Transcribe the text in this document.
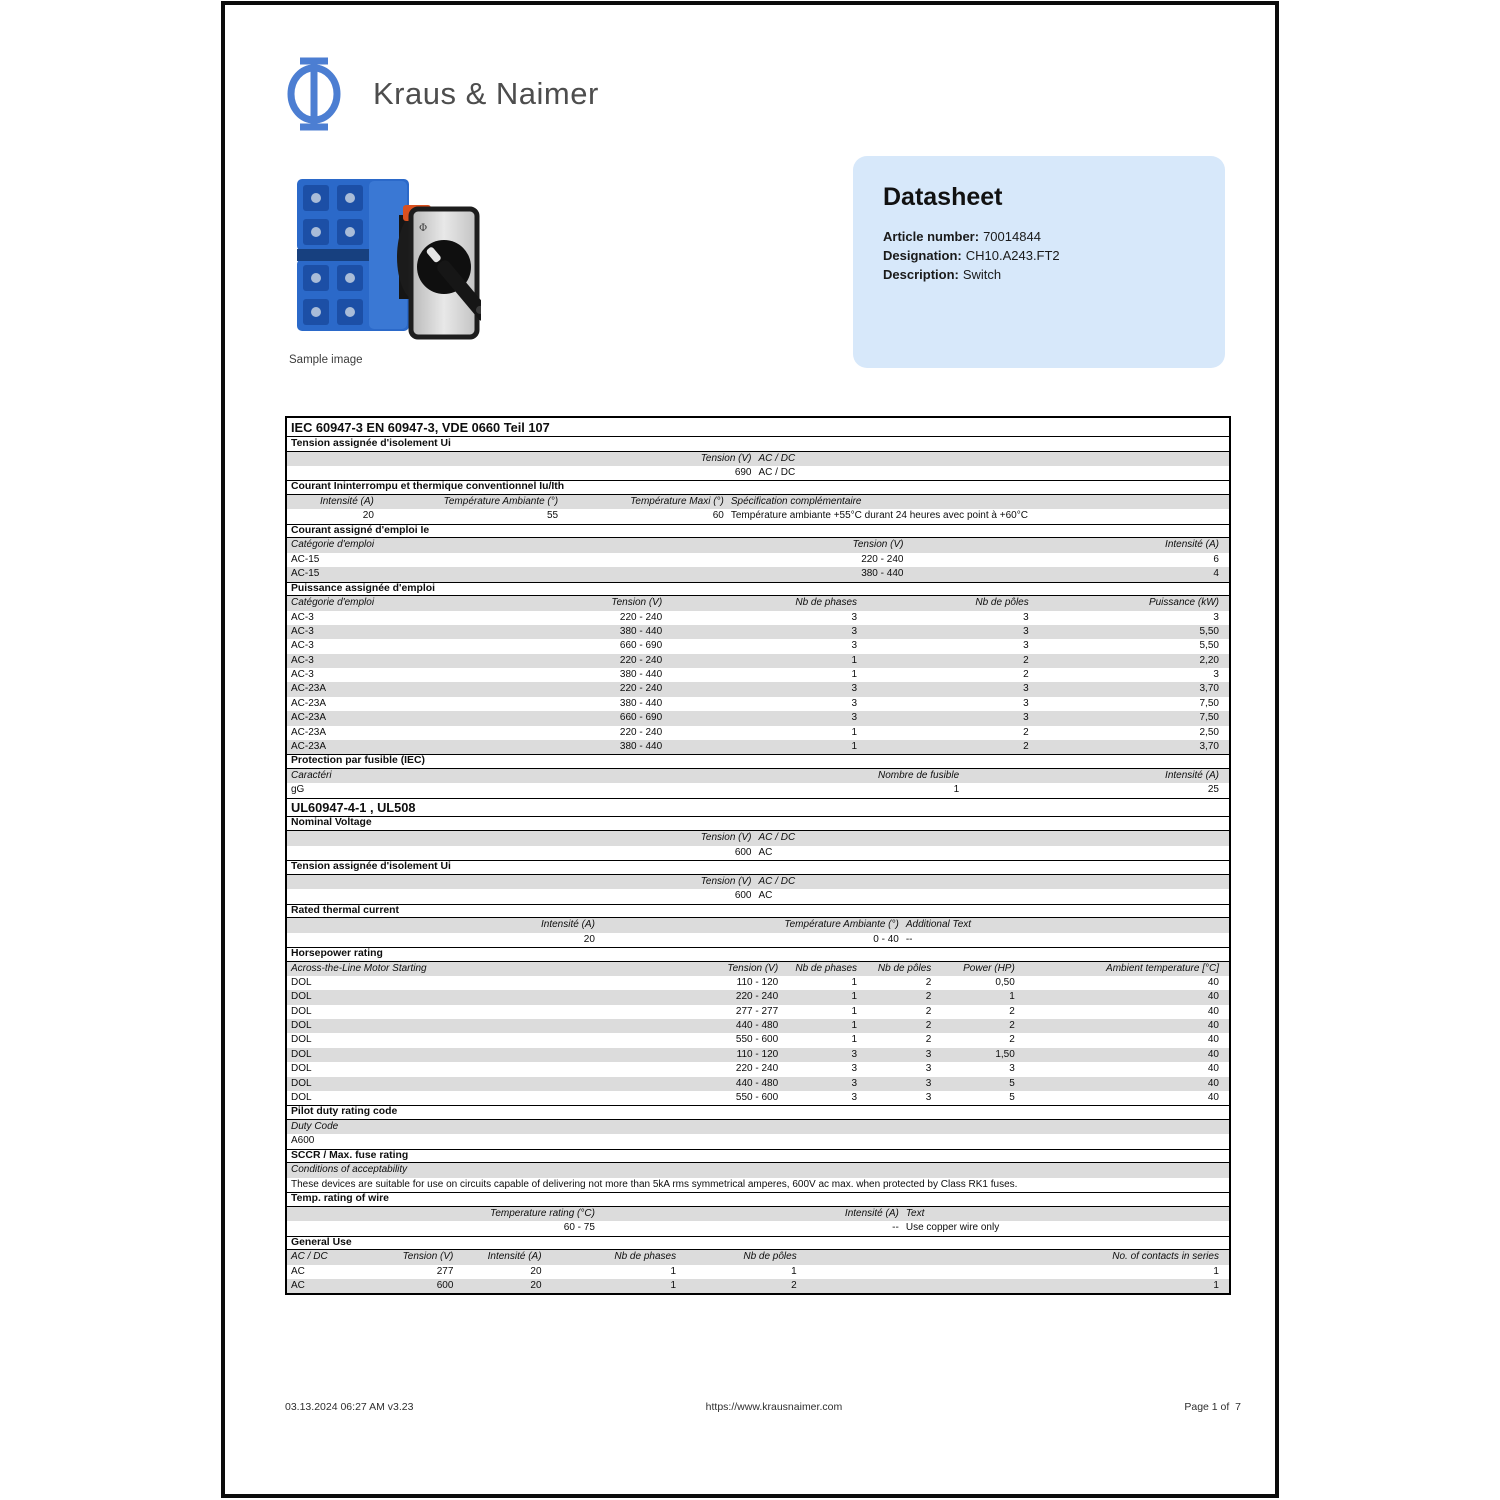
Kraus & Naimer
Φ
Sample image
Datasheet
Article number: 70014844
Designation: CH10.A243.FT2
Description: Switch
IEC 60947-3 EN 60947-3, VDE 0660 Teil 107
Tension assignée d'isolement Ui
Tension (V) AC / DC
690 AC / DC
Courant Ininterrompu et thermique conventionnel Iu/Ith
Intensité (A)	Température Ambiante (°)	Température Maxi (°) Spécification complémentaire
20	55	60 Température ambiante +55°C durant 24 heures avec point à +60°C
Courant assigné d'emploi Ie
Catégorie d'emploi	Tension (V)	Intensité (A)
AC-15	220 - 240	6
AC-15	380 - 440	4
Puissance assignée d'emploi
Catégorie d'emploi	Tension (V)	Nb de phases	Nb de pôles	Puissance (kW)
AC-3	220 - 240	3	3	3
AC-3	380 - 440	3	3	5,50
AC-3	660 - 690	3	3	5,50
AC-3	220 - 240	1	2	2,20
AC-3	380 - 440	1	2	3
AC-23A	220 - 240	3	3	3,70
AC-23A	380 - 440	3	3	7,50
AC-23A	660 - 690	3	3	7,50
AC-23A	220 - 240	1	2	2,50
AC-23A	380 - 440	1	2	3,70
Protection par fusible (IEC)
Caractéri	Nombre de fusible	Intensité (A)
gG	1	25
UL60947-4-1 , UL508
Nominal Voltage
Tension (V) AC / DC
600 AC
Tension assignée d'isolement Ui
Tension (V) AC / DC
600 AC
Rated thermal current
Intensité (A)	Température Ambiante (°) Additional Text
20	0 - 40 --
Horsepower rating
Across-the-Line Motor Starting	Tension (V)	Nb de phases	Nb de pôles	Power (HP)	Ambient temperature [°C]
DOL	110 - 120	1	2	0,50	40
DOL	220 - 240	1	2	1	40
DOL	277 - 277	1	2	2	40
DOL	440 - 480	1	2	2	40
DOL	550 - 600	1	2	2	40
DOL	110 - 120	3	3	1,50	40
DOL	220 - 240	3	3	3	40
DOL	440 - 480	3	3	5	40
DOL	550 - 600	3	3	5	40
Pilot duty rating code
Duty Code
A600
SCCR / Max. fuse rating
Conditions of acceptability
These devices are suitable for use on circuits capable of delivering not more than 5kA rms symmetrical amperes, 600V ac max. when protected by Class RK1 fuses.
Temp. rating of wire
Temperature rating (°C)	Intensité (A) Text
60 - 75	-- Use copper wire only
General Use
AC / DC	Tension (V)	Intensité (A)	Nb de phases	Nb de pôles	No. of contacts in series
AC	277	20	1	1	1
AC	600	20	1	2	1
03.13.2024 06:27 AM v3.23	https://www.krausnaimer.com	Page 1 of  7
